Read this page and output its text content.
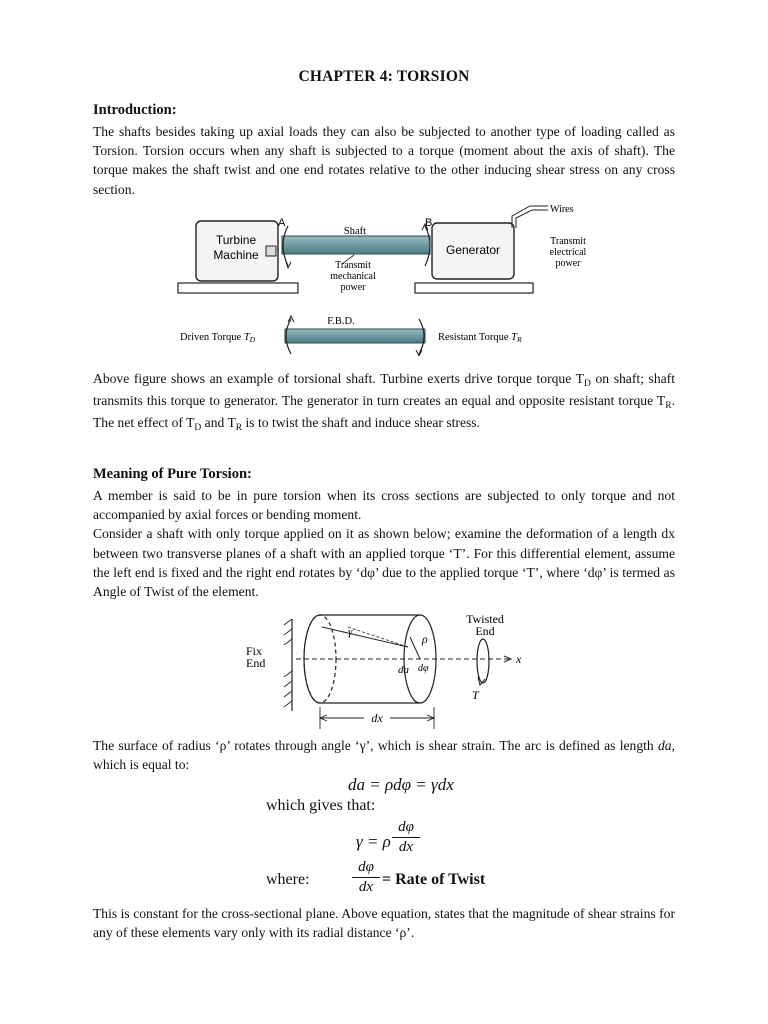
CHAPTER 4: TORSION
Introduction:

The shafts besides taking up axial loads they can also be subjected to another type of loading called as Torsion. Torsion occurs when any shaft is subjected to a torque (moment about the axis of shaft). The torque makes the shaft twist and one end rotates relative to the other inducing shear stress on any cross section.

Turbine
Machine
A	B
Shaft
Transmit
mechanical
power
Generator
Wires
Transmit
electrical
power
F.B.D.
Driven Torque TD	Resistant Torque TR

Above figure shows an example of torsional shaft. Turbine exerts drive torque torque $T_D$ on shaft; shaft transmits this torque to generator. The generator in turn creates an equal and opposite resistant torque $T_R$. The net effect of $T_D$ and $T_R$ is to twist the shaft and induce shear stress.

Meaning of Pure Torsion:

A member is said to be in pure torsion when its cross sections are subjected to only torque and not accompanied by axial forces or bending moment.

Consider a shaft with only torque applied on it as shown below; examine the deformation of a length dx between two transverse planes of a shaft with an applied torque ‘T’. For this differential element, assume the left end is fixed and the right end rotates by ‘dφ’ due to the applied torque ‘T’, where ‘dφ’ is termed as Angle of Twist of the element.

Fix
End	x
γ	ρ
da dφ
T
Twisted
End
dx

The surface of radius ‘ρ’ rotates through angle ‘γ’, which is shear strain. The arc is defined as length da, which is equal to:

da = ρdφ = γdx
which gives that:
γ = ρ $\frac{d\varphi}{dx}$
where:	$\frac{d\varphi}{dx}$ = Rate of Twist

This is constant for the cross-sectional plane. Above equation, states that the magnitude of shear strains for any of these elements vary only with its radial distance ‘ρ’.
